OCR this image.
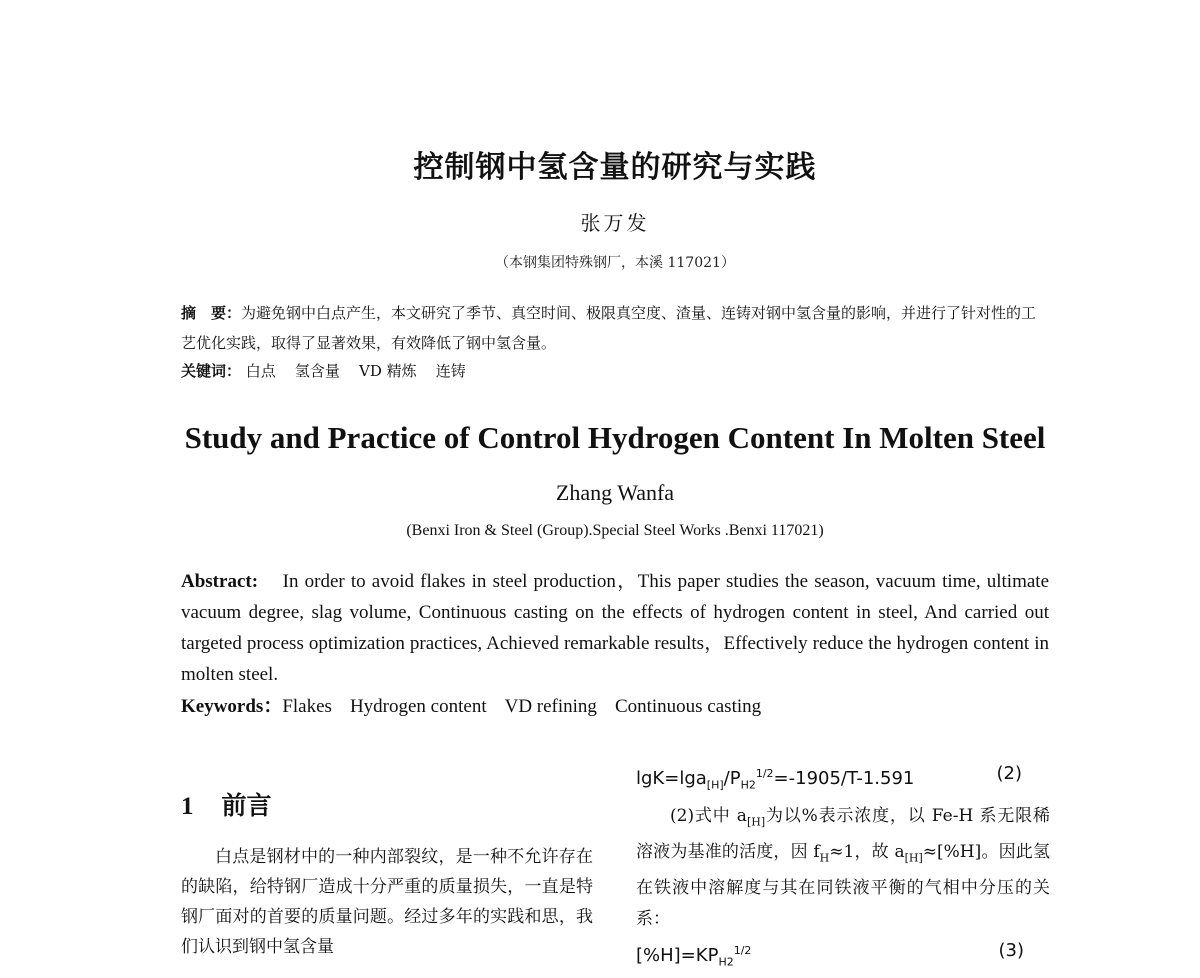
控制钢中氢含量的研究与实践
张万发
（本钢集团特殊钢厂，本溪 117021）
摘　要：为避免钢中白点产生，本文研究了季节、真空时间、极限真空度、渣量、连铸对钢中氢含量的影响，并进行了针对性的工艺优化实践，取得了显著效果，有效降低了钢中氢含量。
关键词： 白点 氢含量 VD 精炼 连铸
Study and Practice of Control Hydrogen Content In Molten Steel
Zhang Wanfa
(Benxi Iron & Steel (Group).Special Steel Works .Benxi 117021)
Abstract: In order to avoid flakes in steel production，This paper studies the season, vacuum time, ultimate vacuum degree, slag volume, Continuous casting on the effects of hydrogen content in steel, And carried out targeted process optimization practices, Achieved remarkable results，Effectively reduce the hydrogen content in molten steel.
Keywords：Flakes Hydrogen content VD refining Continuous casting
1 前言
白点是钢材中的一种内部裂纹，是一种不允许存在的缺陷，给特钢厂造成十分严重的质量损失，一直是特钢厂面对的首要的质量问题。经过多年的实践和思，我们认识到钢中氢含量
$\lg K=\lg a_{[H]}/P_{H2}^{1/2}=-1905/T-1.591$	(2)
(2)式中 $a_{[H]}$为以%表示浓度，以 Fe-H 系无限稀溶液为基准的活度，因 $f_H\approx 1$，故 $a_{[H]}\approx[\%H]$。因此氢在铁液中溶解度与其在同铁液平衡的气相中分压的关系：
$[\%H]=KP_{H2}^{1/2}$	(3)
